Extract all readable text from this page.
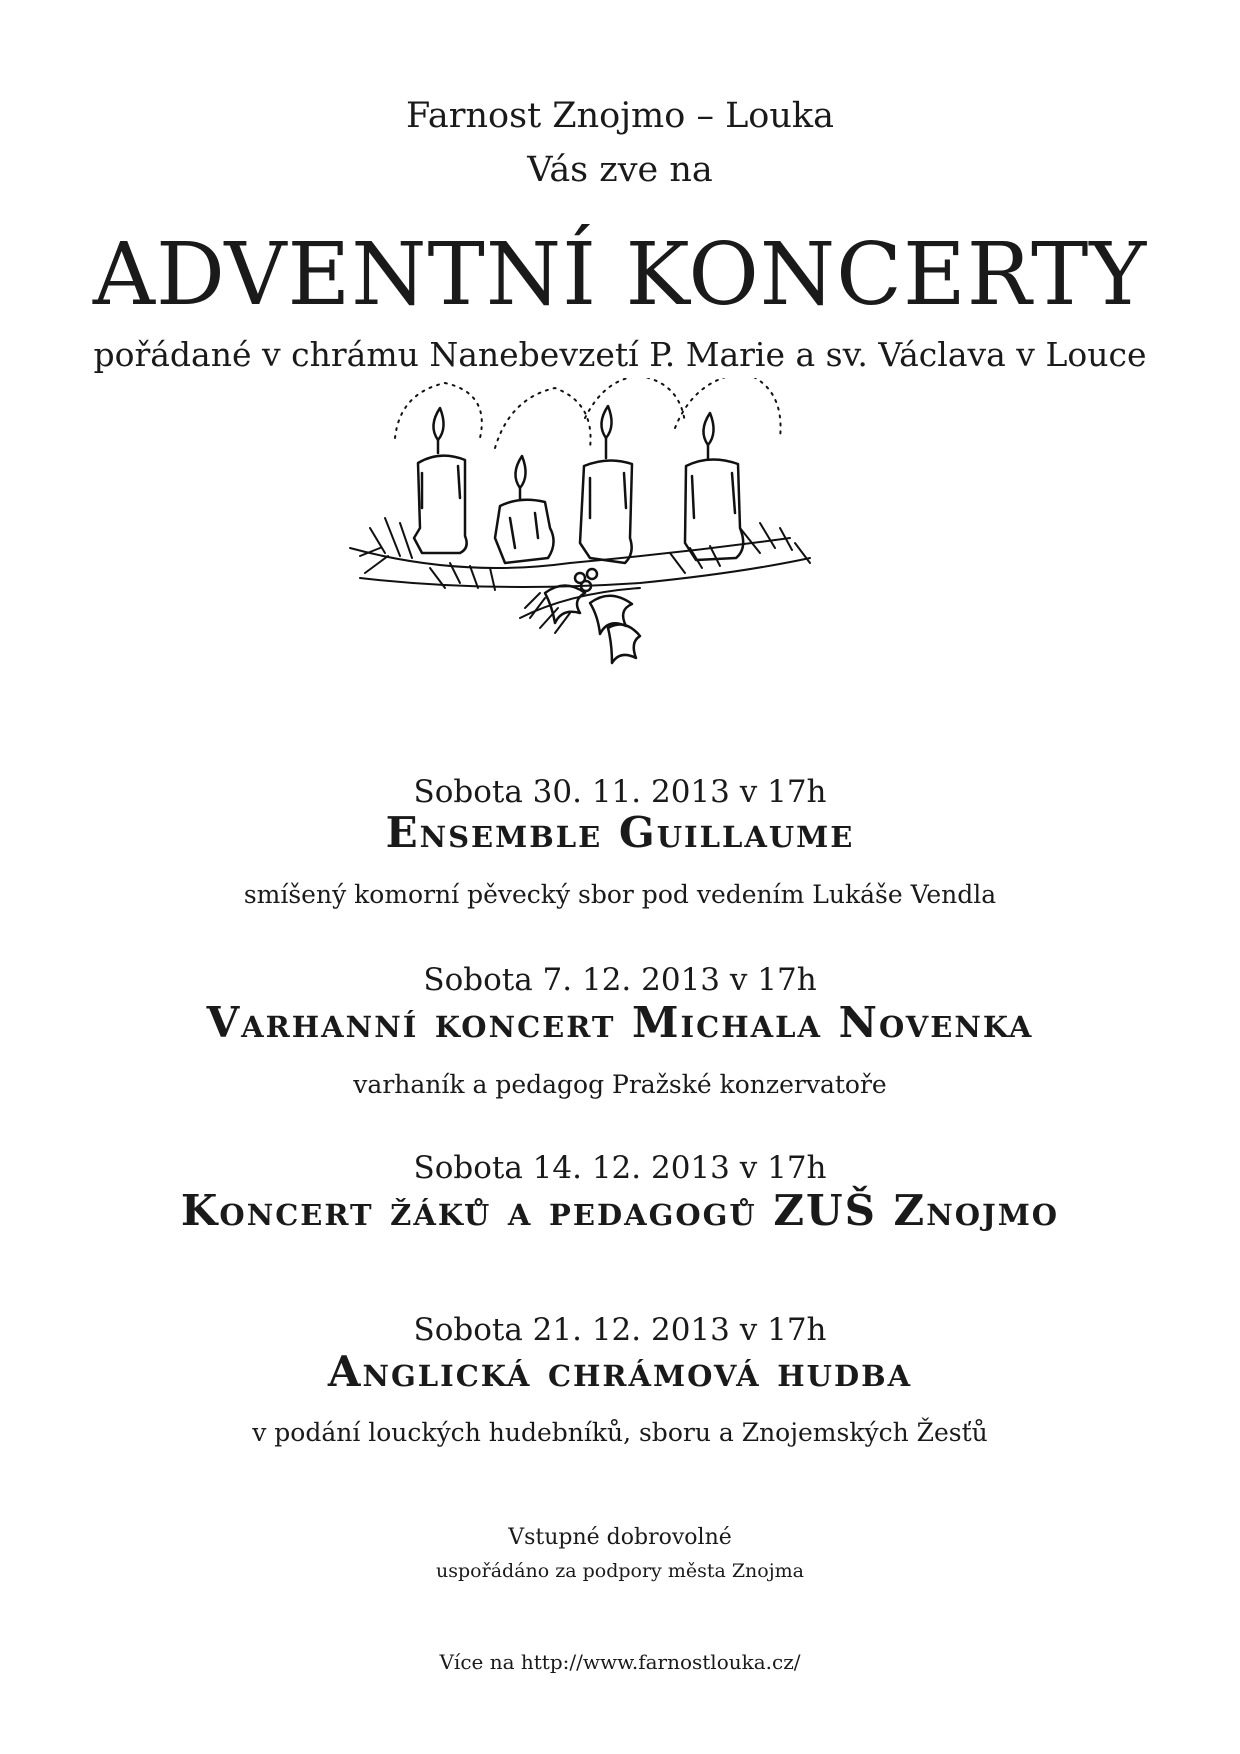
Farnost Znojmo – Louka
Vás zve na
ADVENTNÍ KONCERTY
pořádané v chrámu Nanebevzetí P. Marie a sv. Václava v Louce
Sobota 30. 11. 2013 v 17h
Ensemble Guillaume
smíšený komorní pěvecký sbor pod vedením Lukáše Vendla
Sobota 7. 12. 2013 v 17h
Varhanní koncert Michala Novenka
varhaník a pedagog Pražské konzervatoře
Sobota 14. 12. 2013 v 17h
Koncert žáků a pedagogů ZUŠ Znojmo
Sobota 21. 12. 2013 v 17h
Anglická chrámová hudba
v podání louckých hudebníků, sboru a Znojemských Žesťů
Vstupné dobrovolné
uspořádáno za podpory města Znojma
Více na http://www.farnostlouka.cz/
